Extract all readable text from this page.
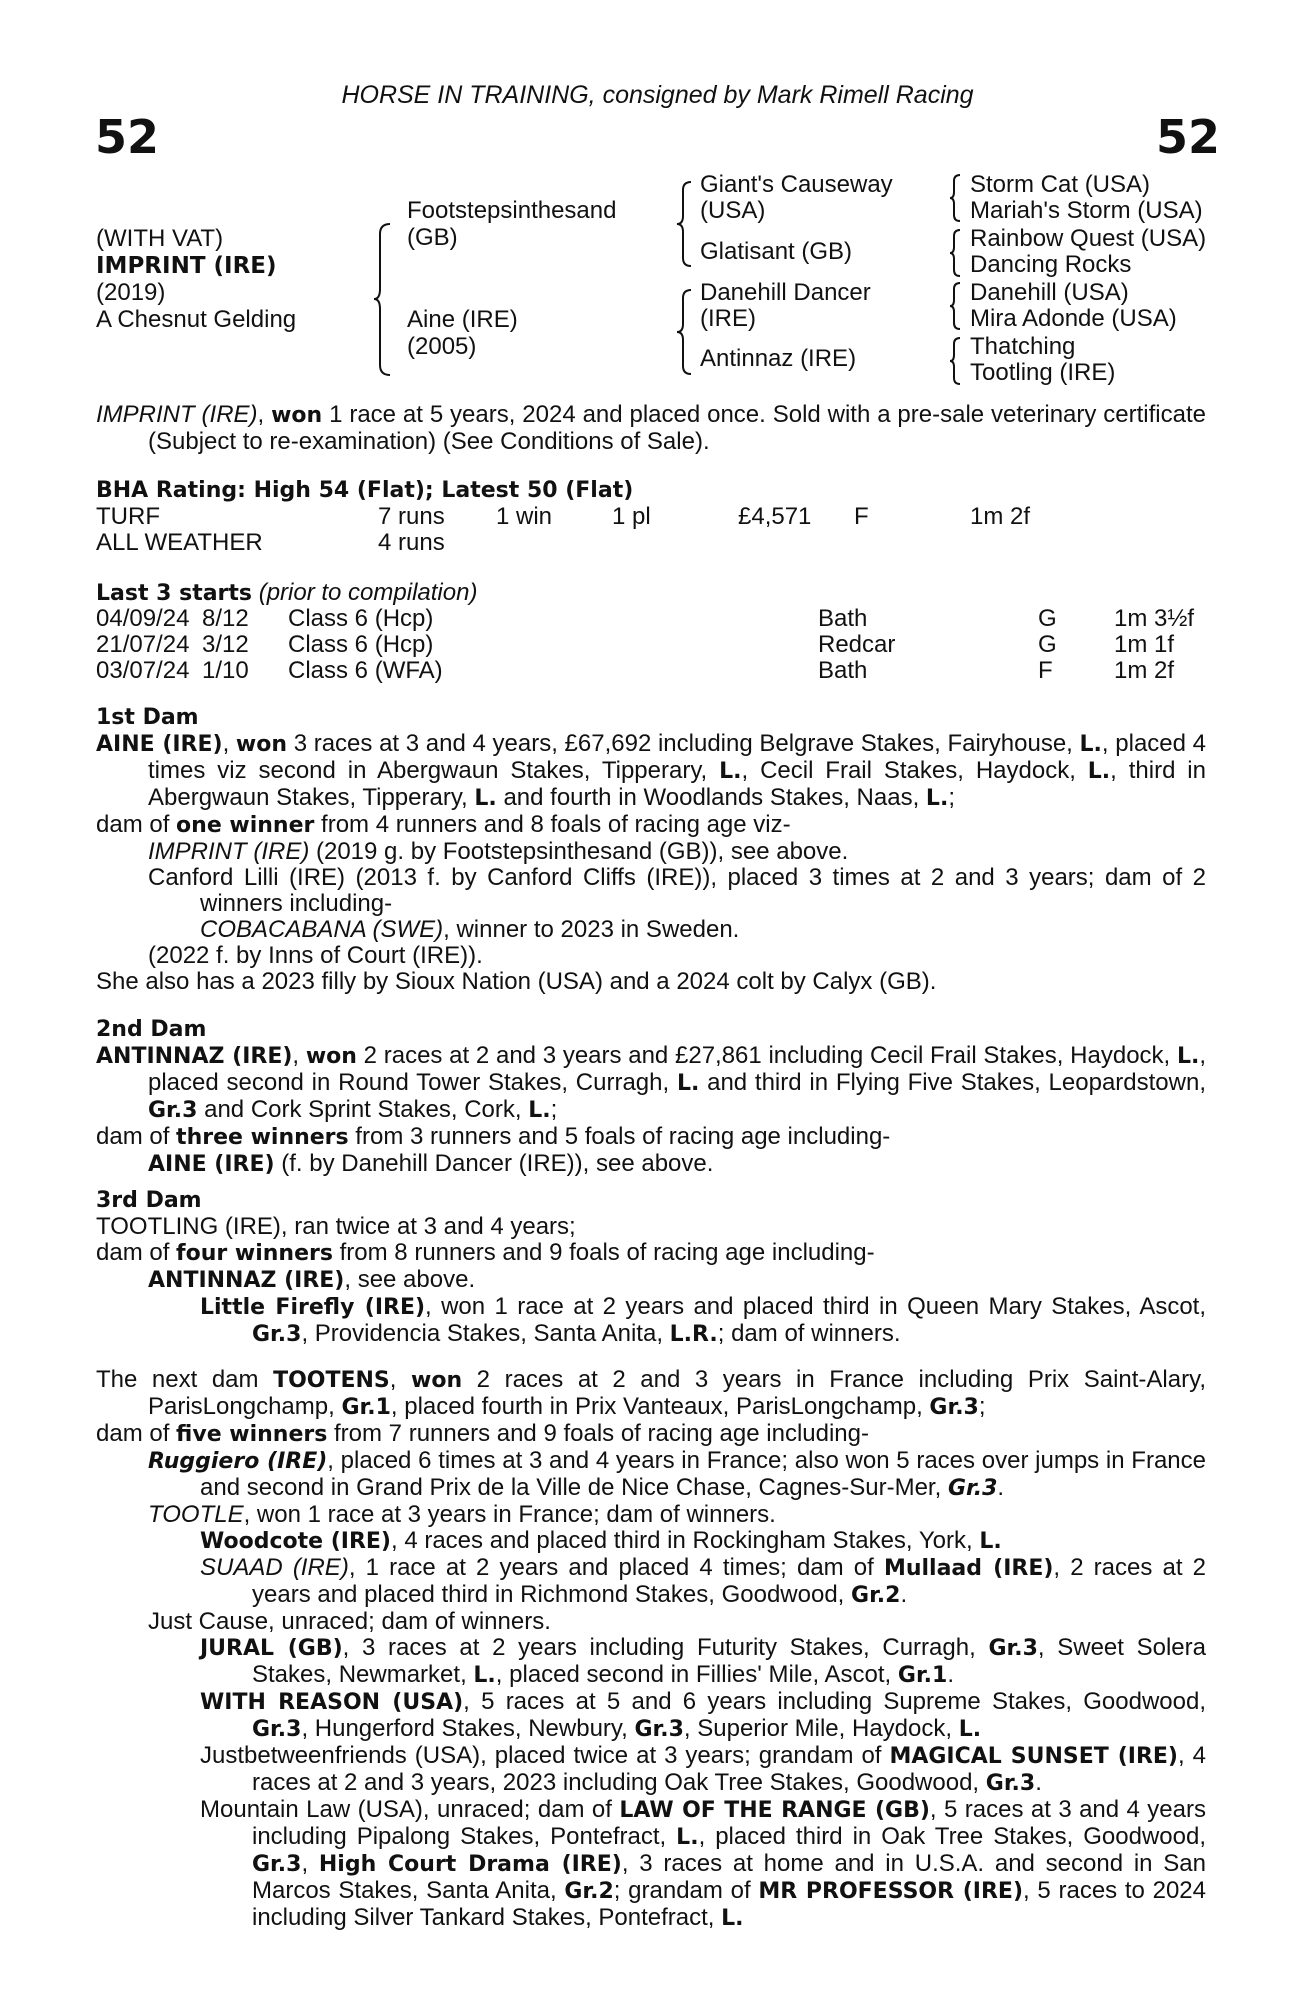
HORSE IN TRAINING, consigned by Mark Rimell Racing
52	52
(WITH VAT)
IMPRINT (IRE)
(2019)
A Chesnut Gelding
Footstepsinthesand
(GB)
Aine (IRE)
(2005)
Giant's Causeway
(USA)
Glatisant (GB)
Danehill Dancer
(IRE)
Antinnaz (IRE)
Storm Cat (USA)
Mariah's Storm (USA)
Rainbow Quest (USA)
Dancing Rocks
Danehill (USA)
Mira Adonde (USA)
Thatching
Tootling (IRE)

IMPRINT (IRE), won 1 race at 5 years, 2024 and placed once. Sold with a pre-sale veterinary certificate (Subject to re-examination) (See Conditions of Sale).

BHA Rating: High 54 (Flat); Latest 50 (Flat)
TURF	7 runs 1 win 1 pl	£4,571 F	1m 2f
ALL WEATHER	4 runs
Last 3 starts (prior to compilation)
04/09/24 8/12 Class 6 (Hcp)	Bath	G 1m 3½f
21/07/24 3/12 Class 6 (Hcp)	Redcar	G 1m 1f
03/07/24 1/10 Class 6 (WFA)	Bath	F	1m 2f

1st Dam

AINE (IRE), won 3 races at 3 and 4 years, £67,692 including Belgrave Stakes, Fairyhouse, L., placed 4 times viz second in Abergwaun Stakes, Tipperary, L., Cecil Frail Stakes, Haydock, L., third in Abergwaun Stakes, Tipperary, L. and fourth in Woodlands Stakes, Naas, L.;

dam of one winner from 4 runners and 8 foals of racing age viz-

IMPRINT (IRE) (2019 g. by Footstepsinthesand (GB)), see above.

Canford Lilli (IRE) (2013 f. by Canford Cliffs (IRE)), placed 3 times at 2 and 3 years; dam of 2 winners including-

COBACABANA (SWE), winner to 2023 in Sweden.

(2022 f. by Inns of Court (IRE)).

She also has a 2023 filly by Sioux Nation (USA) and a 2024 colt by Calyx (GB).

2nd Dam

ANTINNAZ (IRE), won 2 races at 2 and 3 years and £27,861 including Cecil Frail Stakes, Haydock, L., placed second in Round Tower Stakes, Curragh, L. and third in Flying Five Stakes, Leopardstown, Gr.3 and Cork Sprint Stakes, Cork, L.;

dam of three winners from 3 runners and 5 foals of racing age including-

AINE (IRE) (f. by Danehill Dancer (IRE)), see above.

3rd Dam

TOOTLING (IRE), ran twice at 3 and 4 years;

dam of four winners from 8 runners and 9 foals of racing age including-

ANTINNAZ (IRE), see above.

Little Firefly (IRE), won 1 race at 2 years and placed third in Queen Mary Stakes, Ascot, Gr.3, Providencia Stakes, Santa Anita, L.R.; dam of winners.

The next dam TOOTENS, won 2 races at 2 and 3 years in France including Prix Saint-Alary, ParisLongchamp, Gr.1, placed fourth in Prix Vanteaux, ParisLongchamp, Gr.3;

dam of five winners from 7 runners and 9 foals of racing age including-

Ruggiero (IRE), placed 6 times at 3 and 4 years in France; also won 5 races over jumps in France and second in Grand Prix de la Ville de Nice Chase, Cagnes-Sur-Mer, Gr.3.

TOOTLE, won 1 race at 3 years in France; dam of winners.

Woodcote (IRE), 4 races and placed third in Rockingham Stakes, York, L.

SUAAD (IRE), 1 race at 2 years and placed 4 times; dam of Mullaad (IRE), 2 races at 2 years and placed third in Richmond Stakes, Goodwood, Gr.2.

Just Cause, unraced; dam of winners.

JURAL (GB), 3 races at 2 years including Futurity Stakes, Curragh, Gr.3, Sweet Solera Stakes, Newmarket, L., placed second in Fillies' Mile, Ascot, Gr.1.

WITH REASON (USA), 5 races at 5 and 6 years including Supreme Stakes, Goodwood, Gr.3, Hungerford Stakes, Newbury, Gr.3, Superior Mile, Haydock, L.

Justbetweenfriends (USA), placed twice at 3 years; grandam of MAGICAL SUNSET (IRE), 4 races at 2 and 3 years, 2023 including Oak Tree Stakes, Goodwood, Gr.3.

Mountain Law (USA), unraced; dam of LAW OF THE RANGE (GB), 5 races at 3 and 4 years including Pipalong Stakes, Pontefract, L., placed third in Oak Tree Stakes, Goodwood, Gr.3, High Court Drama (IRE), 3 races at home and in U.S.A. and second in San Marcos Stakes, Santa Anita, Gr.2; grandam of MR PROFESSOR (IRE), 5 races to 2024 including Silver Tankard Stakes, Pontefract, L.
